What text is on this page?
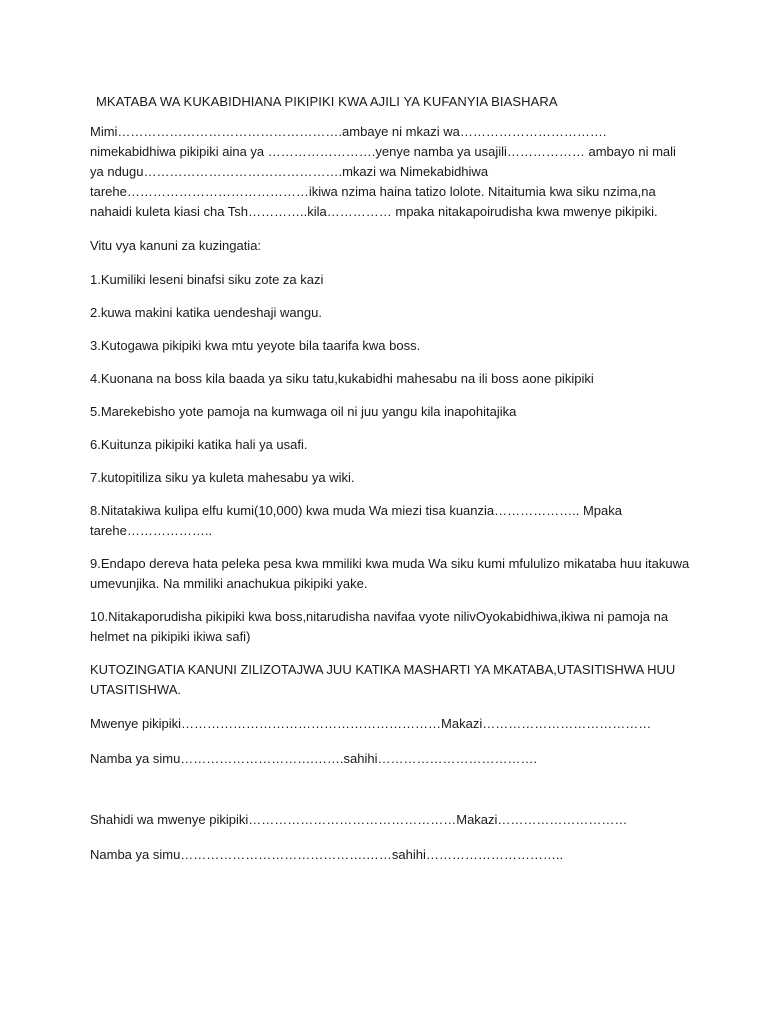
MKATABA WA KUKABIDHIANA PIKIPIKI KWA AJILI YA KUFANYIA BIASHARA

Mimi…………………………………………….ambaye ni mkazi wa……………………………. nimekabidhiwa pikipiki aina ya …………………….yenye namba ya usajili……………… ambayo ni mali ya ndugu……………………………………….mkazi wa Nimekabidhiwa tarehe……………………………………ikiwa nzima haina tatizo lolote. Nitaitumia kwa siku nzima,na nahaidi kuleta kiasi cha Tsh…………..kila…………… mpaka nitakapoirudisha kwa mwenye pikipiki.

Vitu vya kanuni za kuzingatia:

1.Kumiliki leseni binafsi siku zote za kazi

2.kuwa makini katika uendeshaji wangu.

3.Kutogawa pikipiki kwa mtu yeyote bila taarifa kwa boss.

4.Kuonana na boss kila baada ya siku tatu,kukabidhi mahesabu na ili boss aone pikipiki

5.Marekebisho yote pamoja na kumwaga oil ni juu yangu kila inapohitajika

6.Kuitunza pikipiki katika hali ya usafi.

7.kutopitiliza siku ya kuleta mahesabu ya wiki.

8.Nitatakiwa kulipa elfu kumi(10,000) kwa muda Wa miezi tisa kuanzia……………….. Mpaka tarehe………………..

9.Endapo dereva hata peleka pesa kwa mmiliki kwa muda Wa siku kumi mfululizo mikataba huu itakuwa umevunjika. Na mmiliki anachukua pikipiki yake.

10.Nitakaporudisha pikipiki kwa boss,nitarudisha navifaa vyote nilivOyokabidhiwa,ikiwa ni pamoja na helmet na pikipiki ikiwa safi)

KUTOZINGATIA KANUNI ZILIZOTAJWA JUU KATIKA MASHARTI YA MKATABA,UTASITISHWA HUU UTASITISHWA.

Mwenye pikipiki……………………………………………………Makazi…………………………………

Namba ya simu………………………….…….sahihi……………………………….

Shahidi wa mwenye pikipiki…………………………………………Makazi…………………………

Namba ya simu…………………………………….……sahihi…………………………..
